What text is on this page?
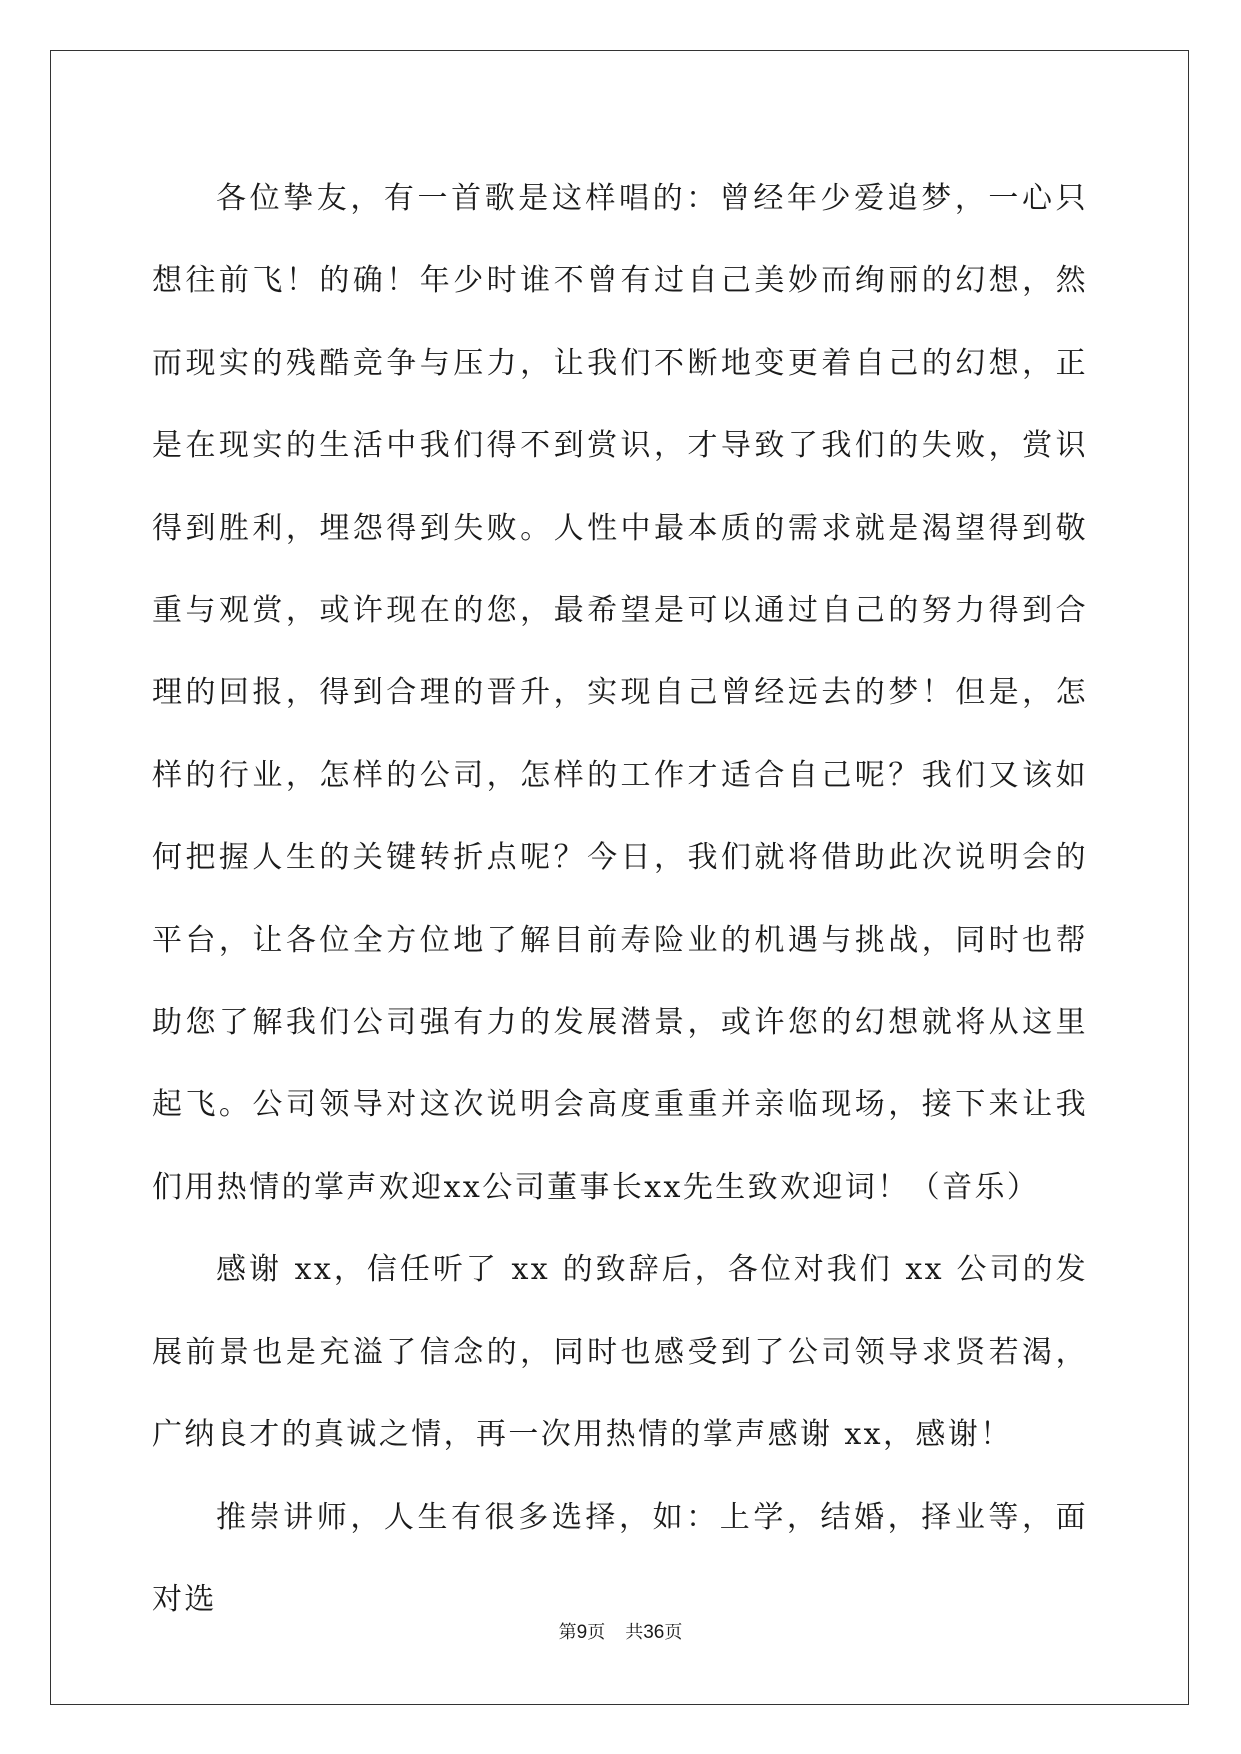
各位挚友，有一首歌是这样唱的：曾经年少爱追梦，一心只想往前飞！的确！年少时谁不曾有过自己美妙而绚丽的幻想，然而现实的残酷竞争与压力，让我们不断地变更着自己的幻想，正是在现实的生活中我们得不到赏识，才导致了我们的失败，赏识得到胜利，埋怨得到失败。人性中最本质的需求就是渴望得到敬重与观赏，或许现在的您，最希望是可以通过自己的努力得到合理的回报，得到合理的晋升，实现自己曾经远去的梦！但是，怎样的行业，怎样的公司，怎样的工作才适合自己呢？我们又该如何把握人生的关键转折点呢？今日，我们就将借助此次说明会的平台，让各位全方位地了解目前寿险业的机遇与挑战，同时也帮助您了解我们公司强有力的发展潜景，或许您的幻想就将从这里起飞。公司领导对这次说明会高度重重并亲临现场，接下来让我们用热情的掌声欢迎xx公司董事长xx先生致欢迎词！（音乐）

感谢 xx，信任听了 xx 的致辞后，各位对我们 xx 公司的发展前景也是充溢了信念的，同时也感受到了公司领导求贤若渴，广纳良才的真诚之情，再一次用热情的掌声感谢 xx，感谢！

推崇讲师，人生有很多选择，如：上学，结婚，择业等，面对选

第9页 共36页
